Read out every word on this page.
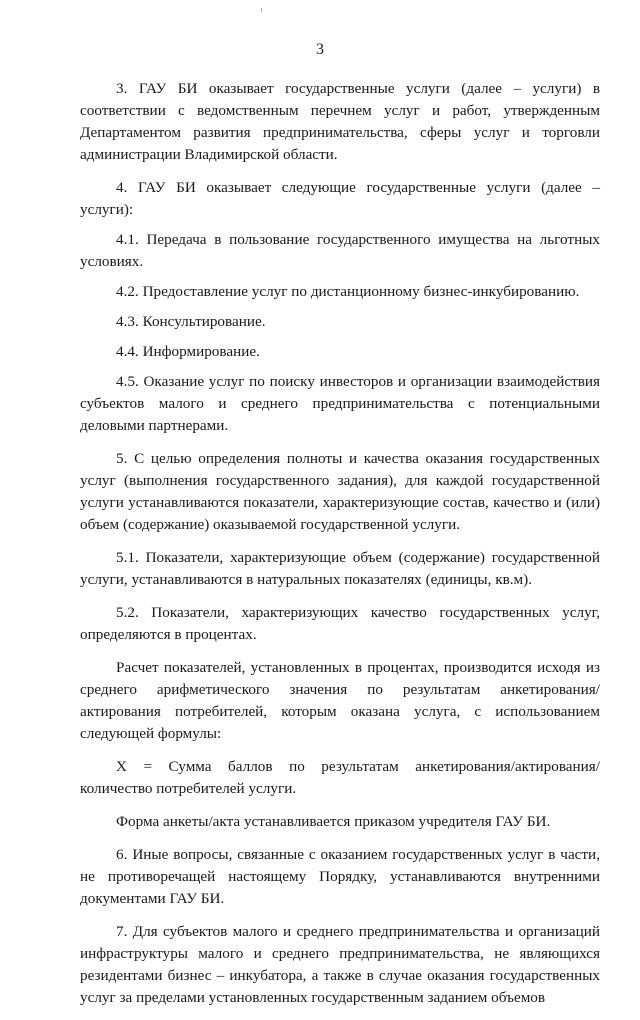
3

3. ГАУ БИ оказывает государственные услуги (далее – услуги) в соответствии с ведомственным перечнем услуг и работ, утвержденным Департаментом развития предпринимательства, сферы услуг и торговли администрации Владимирской области.

4. ГАУ БИ оказывает следующие государственные услуги (далее – услуги):

4.1. Передача в пользование государственного имущества на льготных условиях.

4.2. Предоставление услуг по дистанционному бизнес-инкубированию.

4.3. Консультирование.

4.4. Информирование.

4.5. Оказание услуг по поиску инвесторов и организации взаимодействия субъектов малого и среднего предпринимательства с потенциальными деловыми партнерами.

5. С целью определения полноты и качества оказания государственных услуг (выполнения государственного задания), для каждой государственной услуги устанавливаются показатели, характеризующие состав, качество и (или) объем (содержание) оказываемой государственной услуги.

5.1. Показатели, характеризующие объем (содержание) государственной услуги, устанавливаются в натуральных показателях (единицы, кв.м).

5.2. Показатели, характеризующих качество государственных услуг, определяются в процентах.

Расчет показателей, установленных в процентах, производится исходя из среднего арифметического значения по результатам анкетирования/актирования потребителей, которым оказана услуга, с использованием следующей формулы:

Х = Сумма баллов по результатам анкетирования/актирования/ количество потребителей услуги.

Форма анкеты/акта устанавливается приказом учредителя ГАУ БИ.

6. Иные вопросы, связанные с оказанием государственных услуг в части, не противоречащей настоящему Порядку, устанавливаются внутренними документами ГАУ БИ.

7. Для субъектов малого и среднего предпринимательства и организаций инфраструктуры малого и среднего предпринимательства, не являющихся резидентами бизнес – инкубатора, а также в случае оказания государственных услуг за пределами установленных государственным заданием объемов
